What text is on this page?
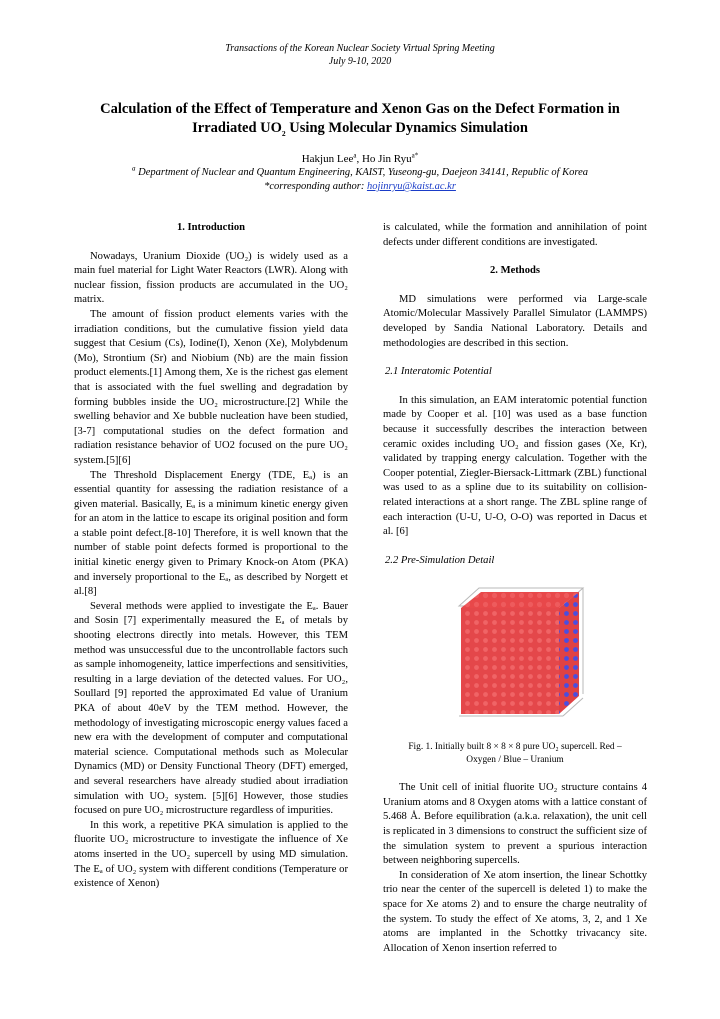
Transactions of the Korean Nuclear Society Virtual Spring Meeting
July 9-10, 2020
Calculation of the Effect of Temperature and Xenon Gas on the Defect Formation in
Irradiated $UO_2$ Using Molecular Dynamics Simulation
Hakjun Lee$^a$, Ho Jin Ryu$^{a*}$
$^a$ Department of Nuclear and Quantum Engineering, KAIST, Yuseong-gu, Daejeon 34141, Republic of Korea
*corresponding author: hojinryu@kaist.ac.kr
1. Introduction

Nowadays, Uranium Dioxide (UO₂) is widely used as a main fuel material for Light Water Reactors (LWR). Along with nuclear fission, fission products are accumulated in the UO₂ matrix.

The amount of fission product elements varies with the irradiation conditions, but the cumulative fission yield data suggest that Cesium (Cs), Iodine(I), Xenon (Xe), Molybdenum (Mo), Strontium (Sr) and Niobium (Nb) are the main fission product elements.[1] Among them, Xe is the richest gas element that is associated with the fuel swelling and degradation by forming bubbles inside the UO₂ microstructure.[2] While the swelling behavior and Xe bubble nucleation have been studied,[3-7] computational studies on the defect formation and radiation resistance behavior of UO2 focused on the pure UO₂ system.[5][6]

The Threshold Displacement Energy (TDE, Eₐ) is an essential quantity for assessing the radiation resistance of a given material. Basically, Eₐ is a minimum kinetic energy given for an atom in the lattice to escape its original position and form a stable point defect.[8-10] Therefore, it is well known that the number of stable point defects formed is proportional to the initial kinetic energy given to Primary Knock-on Atom (PKA) and inversely proportional to the Eₐ, as described by Norgett et al.[8]

Several methods were applied to investigate the Eₐ. Bauer and Sosin [7] experimentally measured the Eₐ of metals by shooting electrons directly into metals. However, this TEM method was unsuccessful due to the uncontrollable factors such as sample inhomogeneity, lattice imperfections and sensitivities, resulting in a large deviation of the detected values. For UO₂, Soullard [9] reported the approximated Ed value of Uranium PKA of about 40eV by the TEM method. However, the methodology of investigating microscopic energy values faced a new era with the development of computer and computational material science. Computational methods such as Molecular Dynamics (MD) or Density Functional Theory (DFT) emerged, and several researchers have already studied about irradiation simulation with UO₂ system. [5][6] However, those studies focused on pure UO₂ microstructure regardless of impurities.

In this work, a repetitive PKA simulation is applied to the fluorite UO₂ microstructure to investigate the influence of Xe atoms inserted in the UO₂ supercell by using MD simulation. The Eₐ of UO₂ system with different conditions (Temperature or existence of Xenon)

is calculated, while the formation and annihilation of point defects under different conditions are investigated.

2. Methods

MD simulations were performed via Large-scale Atomic/Molecular Massively Parallel Simulator (LAMMPS) developed by Sandia National Laboratory. Details and methodologies are described in this section.

2.1 Interatomic Potential

In this simulation, an EAM interatomic potential function made by Cooper et al. [10] was used as a base function because it successfully describes the interaction between ceramic oxides including UO₂ and fission gases (Xe, Kr), validated by trapping energy calculation. Together with the Cooper potential, Ziegler-Biersack-Littmark (ZBL) functional was used to as a spline due to its suitability on collision-related interactions at a short range. The ZBL spline range of each interaction (U-U, U-O, O-O) was reported in Dacus et al. [6]

2.2 Pre-Simulation Detail
Fig. 1. Initially built 8 × 8 × 8 pure UO₂ supercell. Red –
Oxygen / Blue – Uranium

The Unit cell of initial fluorite UO₂ structure contains 4 Uranium atoms and 8 Oxygen atoms with a lattice constant of 5.468 Å. Before equilibration (a.k.a. relaxation), the unit cell is replicated in 3 dimensions to construct the sufficient size of the simulation system to prevent a spurious interaction between neighboring supercells.

In consideration of Xe atom insertion, the linear Schottky trio near the center of the supercell is deleted 1) to make the space for Xe atoms 2) and to ensure the charge neutrality of the system. To study the effect of Xe atoms, 3, 2, and 1 Xe atoms are implanted in the Schottky trivacancy site. Allocation of Xenon insertion referred to
